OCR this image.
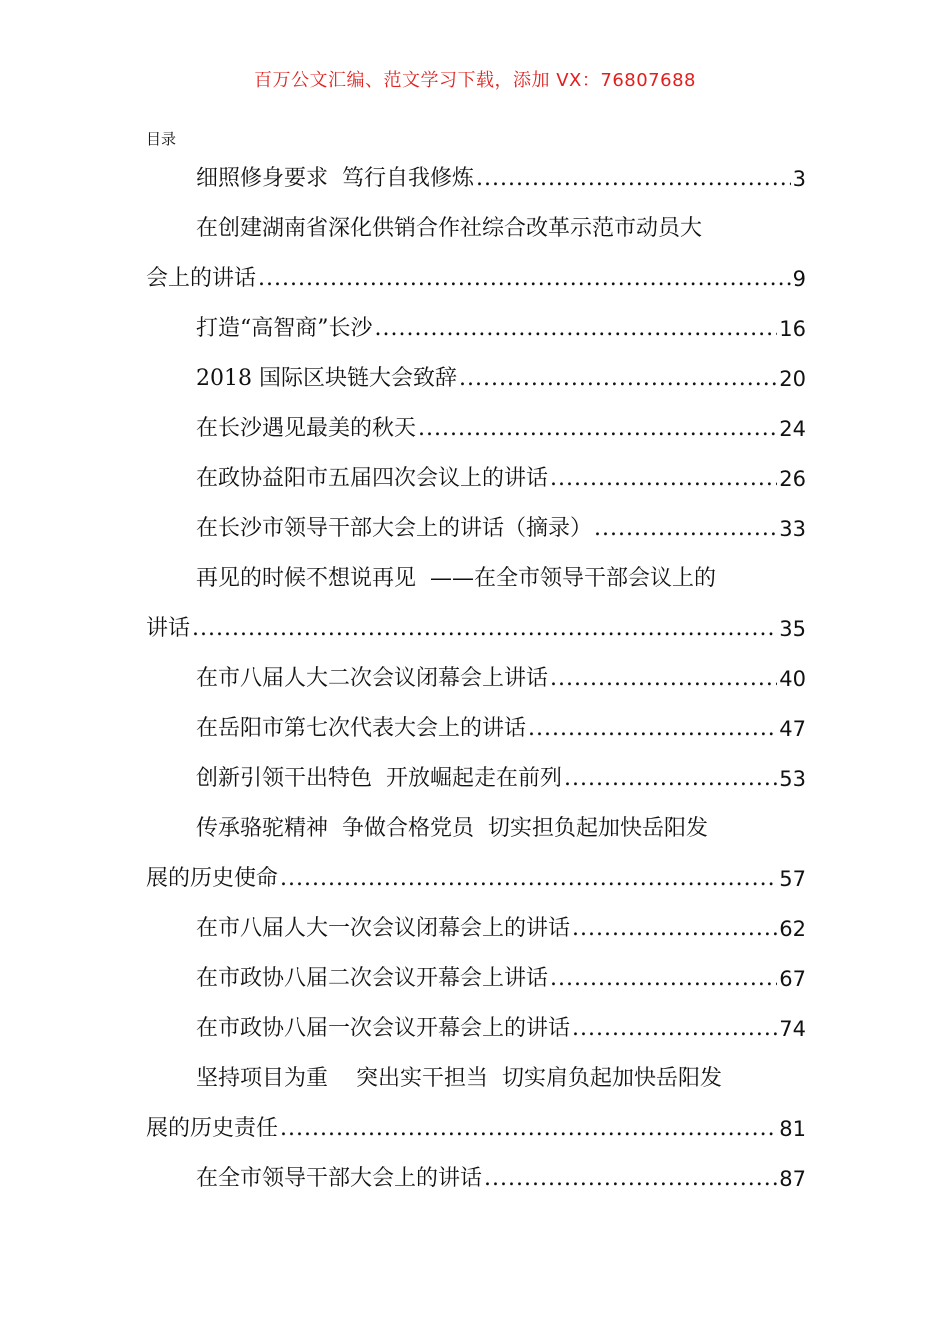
百万公文汇编、范文学习下载，添加 VX：76807688
目录
细照修身要求  笃行自我修炼 .....	3
在创建湖南省深化供销合作社综合改革示范市动员大
会上的讲话 .....	9
打造“高智商”长沙 .....	16
2018 国际区块链大会致辞 .....	20
在长沙遇见最美的秋天 .....	24
在政协益阳市五届四次会议上的讲话 .....	26
在长沙市领导干部大会上的讲话（摘录） .....	33
再见的时候不想说再见  ——在全市领导干部会议上的
讲话 .....	35
在市八届人大二次会议闭幕会上讲话 .....	40
在岳阳市第七次代表大会上的讲话 .....	47
创新引领干出特色  开放崛起走在前列 .....	53
传承骆驼精神  争做合格党员  切实担负起加快岳阳发
展的历史使命 .....	57
在市八届人大一次会议闭幕会上的讲话 .....	62
在市政协八届二次会议开幕会上讲话 .....	67
在市政协八届一次会议开幕会上的讲话 .....	74
坚持项目为重    突出实干担当  切实肩负起加快岳阳发
展的历史责任 .....	81
在全市领导干部大会上的讲话 .....	87
